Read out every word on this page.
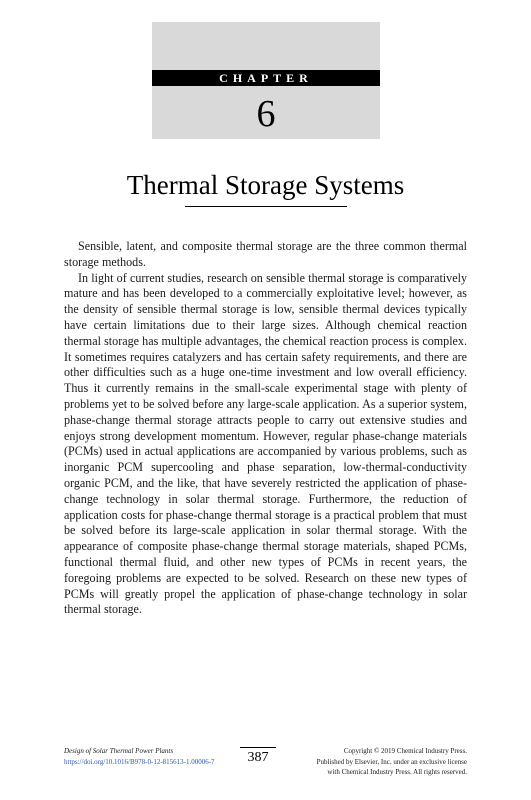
CHAPTER
6
Thermal Storage Systems

Sensible, latent, and composite thermal storage are the three common thermal storage methods.

In light of current studies, research on sensible thermal storage is comparatively mature and has been developed to a commercially exploitative level; however, as the density of sensible thermal storage is low, sensible thermal devices typically have certain limitations due to their large sizes. Although chemical reaction thermal storage has multiple advantages, the chemical reaction process is complex. It sometimes requires catalyzers and has certain safety requirements, and there are other difficulties such as a huge one-time investment and low overall efficiency. Thus it currently remains in the small-scale experimental stage with plenty of problems yet to be solved before any large-scale application. As a superior system, phase-change thermal storage attracts people to carry out extensive studies and enjoys strong development momentum. However, regular phase-change materials (PCMs) used in actual applications are accompanied by various problems, such as inorganic PCM supercooling and phase separation, low-thermal-conductivity organic PCM, and the like, that have severely restricted the application of phase-change technology in solar thermal storage. Furthermore, the reduction of application costs for phase-change thermal storage is a practical problem that must be solved before its large-scale application in solar thermal storage. With the appearance of composite phase-change thermal storage materials, shaped PCMs, functional thermal fluid, and other new types of PCMs in recent years, the foregoing problems are expected to be solved. Research on these new types of PCMs will greatly propel the application of phase-change technology in solar thermal storage.

Design of Solar Thermal Power Plants
https://doi.org/10.1016/B978-0-12-815613-1.00006-7	387	Copyright © 2019 Chemical Industry Press.
Published by Elsevier, Inc. under an exclusive license
with Chemical Industry Press. All rights reserved.
